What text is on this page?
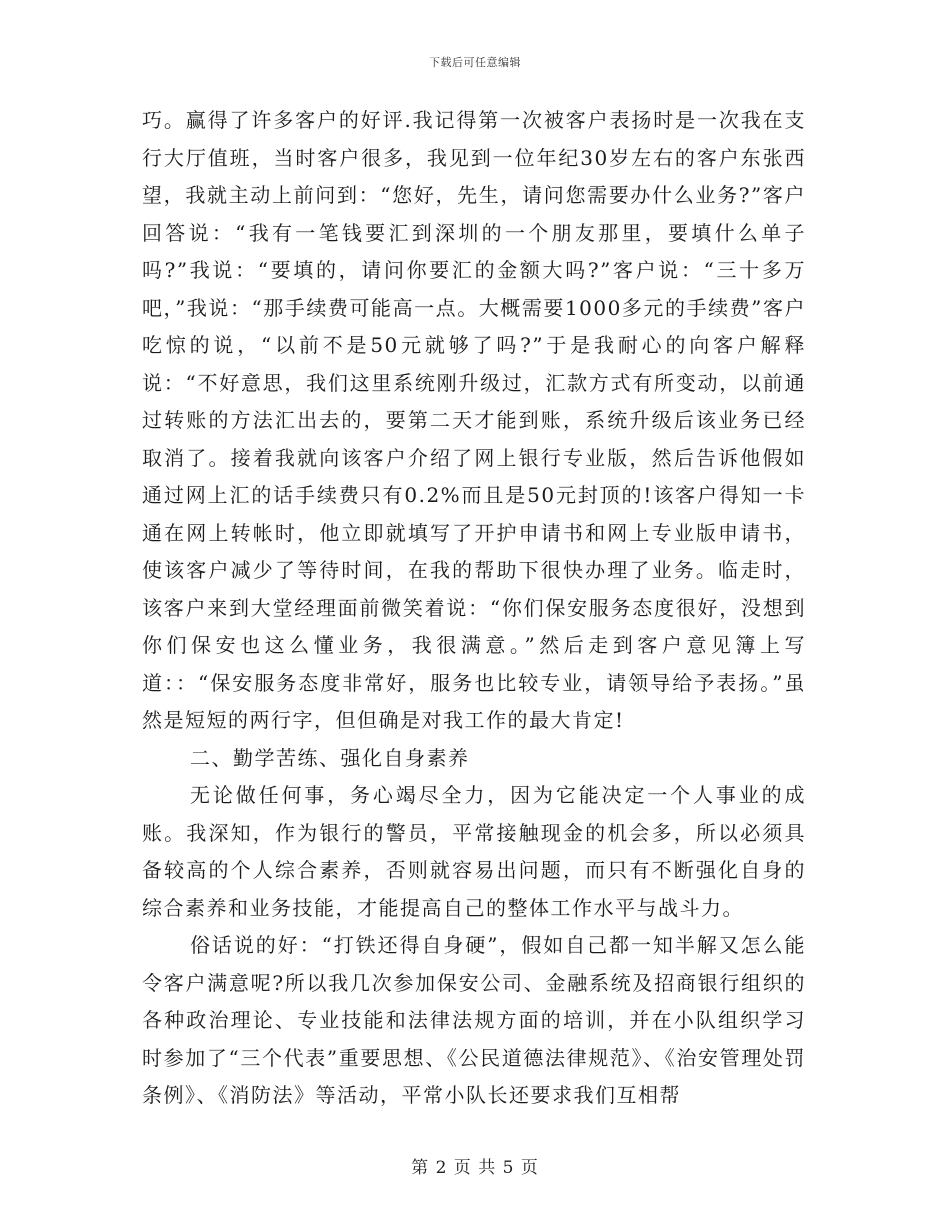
下载后可任意编辑

巧。赢得了许多客户的好评.我记得第一次被客户表扬时是一次我在支行大厅值班，当时客户很多，我见到一位年纪30岁左右的客户东张西望，我就主动上前问到：“您好，先生，请问您需要办什么业务?”客户回答说：“我有一笔钱要汇到深圳的一个朋友那里，要填什么单子吗?”我说：“要填的，请问你要汇的金额大吗?”客户说：“三十多万吧，”我说：“那手续费可能高一点。大概需要1000多元的手续费”客户吃惊的说，“以前不是50元就够了吗?”于是我耐心的向客户解释说：“不好意思，我们这里系统刚升级过，汇款方式有所变动，以前通过转账的方法汇出去的，要第二天才能到账，系统升级后该业务已经取消了。接着我就向该客户介绍了网上银行专业版，然后告诉他假如通过网上汇的话手续费只有0.2%而且是50元封顶的!该客户得知一卡通在网上转帐时，他立即就填写了开护申请书和网上专业版申请书，使该客户减少了等待时间，在我的帮助下很快办理了业务。临走时，该客户来到大堂经理面前微笑着说：“你们保安服务态度很好，没想到你们保安也这么懂业务，我很满意。”然后走到客户意见簿上写道：：“保安服务态度非常好，服务也比较专业，请领导给予表扬。”虽然是短短的两行字，但但确是对我工作的最大肯定!

二、勤学苦练、强化自身素养

无论做任何事，务心竭尽全力，因为它能决定一个人事业的成账。我深知，作为银行的警员，平常接触现金的机会多，所以必须具备较高的个人综合素养，否则就容易出问题，而只有不断强化自身的综合素养和业务技能，才能提高自己的整体工作水平与战斗力。

俗话说的好：“打铁还得自身硬”，假如自己都一知半解又怎么能令客户满意呢?所以我几次参加保安公司、金融系统及招商银行组织的各种政治理论、专业技能和法律法规方面的培训，并在小队组织学习时参加了“三个代表”重要思想、《公民道德法律规范》、《治安管理处罚条例》、《消防法》等活动，平常小队长还要求我们互相帮

第 2 页 共 5 页
